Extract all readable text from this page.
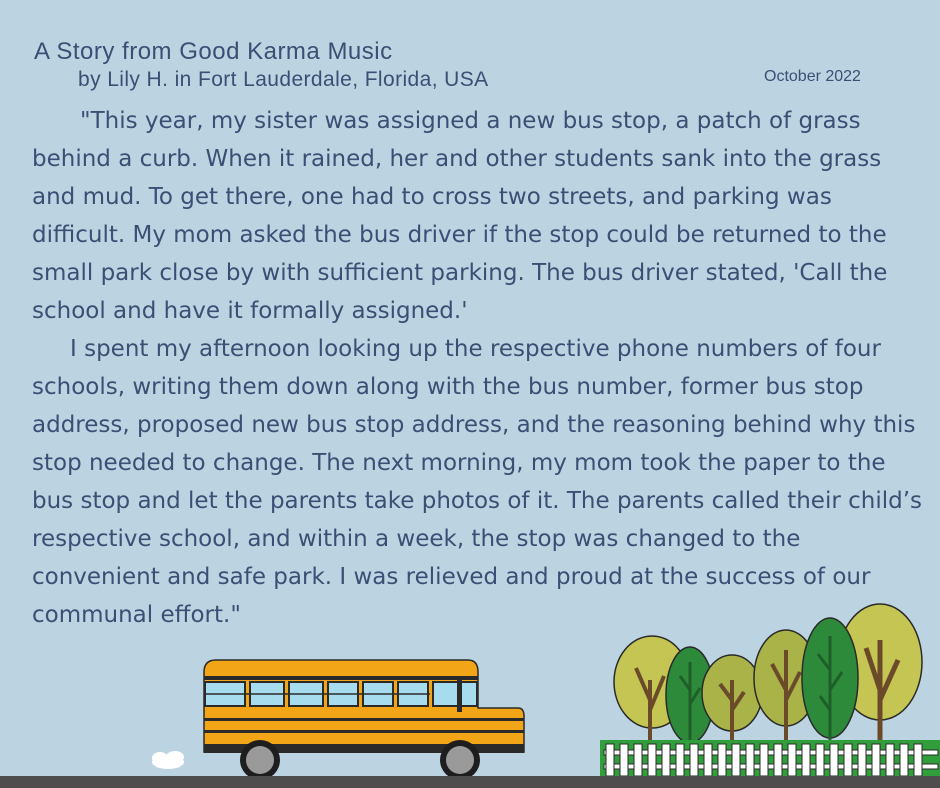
A Story from Good Karma Music
by Lily H. in Fort Lauderdale, Florida, USA	October 2022

"This year, my sister was assigned a new bus stop, a patch of grass behind a curb. When it rained, her and other students sank into the grass and mud. To get there, one had to cross two streets, and parking was difficult. My mom asked the bus driver if the stop could be returned to the small park close by with sufficient parking. The bus driver stated, 'Call the school and have it formally assigned.'

I spent my afternoon looking up the respective phone numbers of four schools, writing them down along with the bus number, former bus stop address, proposed new bus stop address, and the reasoning behind why this stop needed to change. The next morning, my mom took the paper to the bus stop and let the parents take photos of it. The parents called their child’s respective school, and within a week, the stop was changed to the convenient and safe park. I was relieved and proud at the success of our communal effort."
